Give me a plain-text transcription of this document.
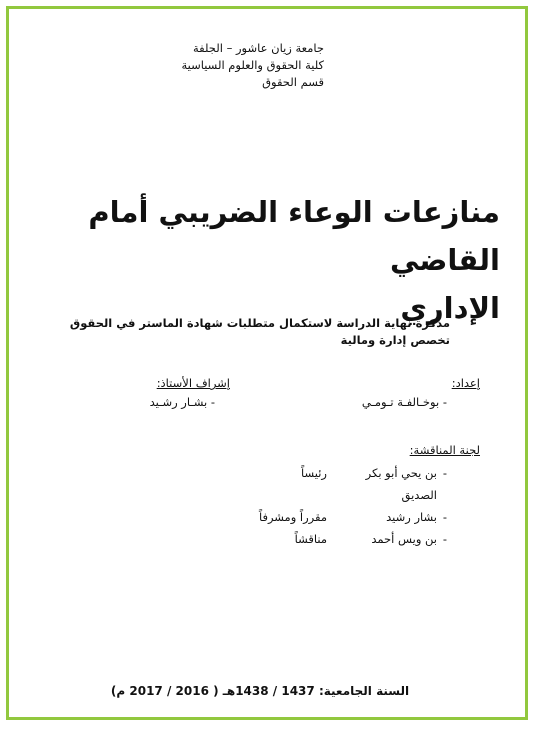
جامعة زيان عاشور – الجلفة
كلية الحقوق والعلوم السياسية
قسم الحقوق
منازعات الوعاء الضريبي أمام القاضي
الإداري
مذكرة نهاية الدراسة لاستكمال متطلبات شهادة الماستر في الحقوق
تخصص إدارة ومالية
إعداد:
- بوخـالفـة تـومـي
إشراف الأستاذ:
- بشـار رشـيد
لجنة المناقشة:
-
بن يحي أبو بكر الصديق
رئيساً
-
بشار رشيد
مقرراً ومشرفاً
-
بن ويس أحمد
مناقشاً
السنة الجامعية: 1437 / 1438هـ ( 2016 / 2017 م)
